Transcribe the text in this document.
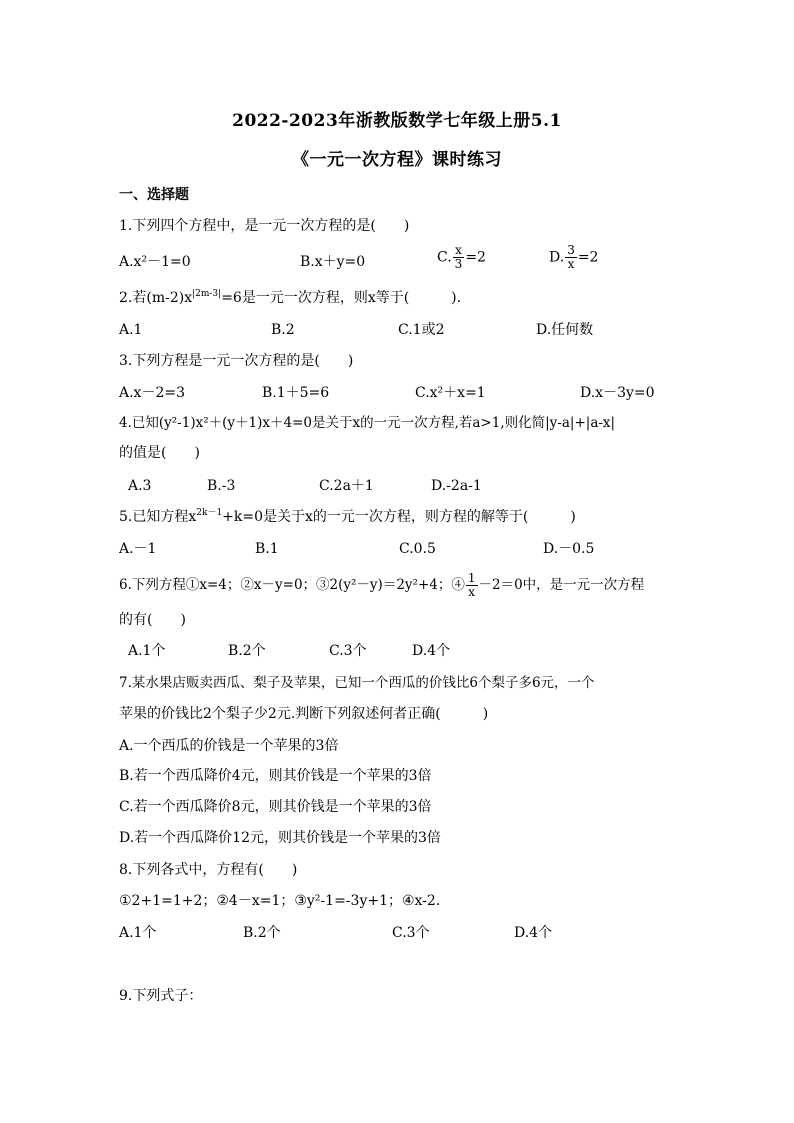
2022-2023年浙教版数学七年级上册5.1
《一元一次方程》课时练习
一、选择题
1.下列四个方程中，是一元一次方程的是(　　)
A.x²－1=0	B.x＋y=0	C. $\frac{x}{3} =2$	D. $\frac{3}{x} =2$
2.若$(m-2)x^{|2m-3|}=6$是一元一次方程，则x等于(　　　).
A.1	B.2	C.1或2	D.任何数
3.下列方程是一元一次方程的是(　　)
A.x－2=3	B.1＋5=6	C.x²＋x=1	D.x－3y=0
4.已知(y²-1)x²＋(y＋1)x＋4=0是关于x的一元一次方程,若a>1,则化简|y-a|+|a-x|
的值是(　　)
A.3	B.-3	C.2a＋1	D.-2a-1
5.已知方程$x^{2k-1}+k=0$是关于x的一元一次方程，则方程的解等于(　　　)
A.－1	B.1	C.0.5	D.－0.5
6.下列方程①x=4；②x－y=0；③2(y²－y)＝2y²+4；④ $\frac{1}{x} -2=0$中，是一元一次方程
的有(　　)
A.1个	B.2个	C.3个	D.4个
7.某水果店贩卖西瓜、梨子及苹果，已知一个西瓜的价钱比6个梨子多6元，一个
苹果的价钱比2个梨子少2元.判断下列叙述何者正确(　　　)
A.一个西瓜的价钱是一个苹果的3倍
B.若一个西瓜降价4元，则其价钱是一个苹果的3倍
C.若一个西瓜降价8元，则其价钱是一个苹果的3倍
D.若一个西瓜降价12元，则其价钱是一个苹果的3倍
8.下列各式中，方程有(　　)
①2+1=1+2；②4－x=1；③y²-1=-3y+1；④x-2.
A.1个	B.2个	C.3个	D.4个
9.下列式子：
